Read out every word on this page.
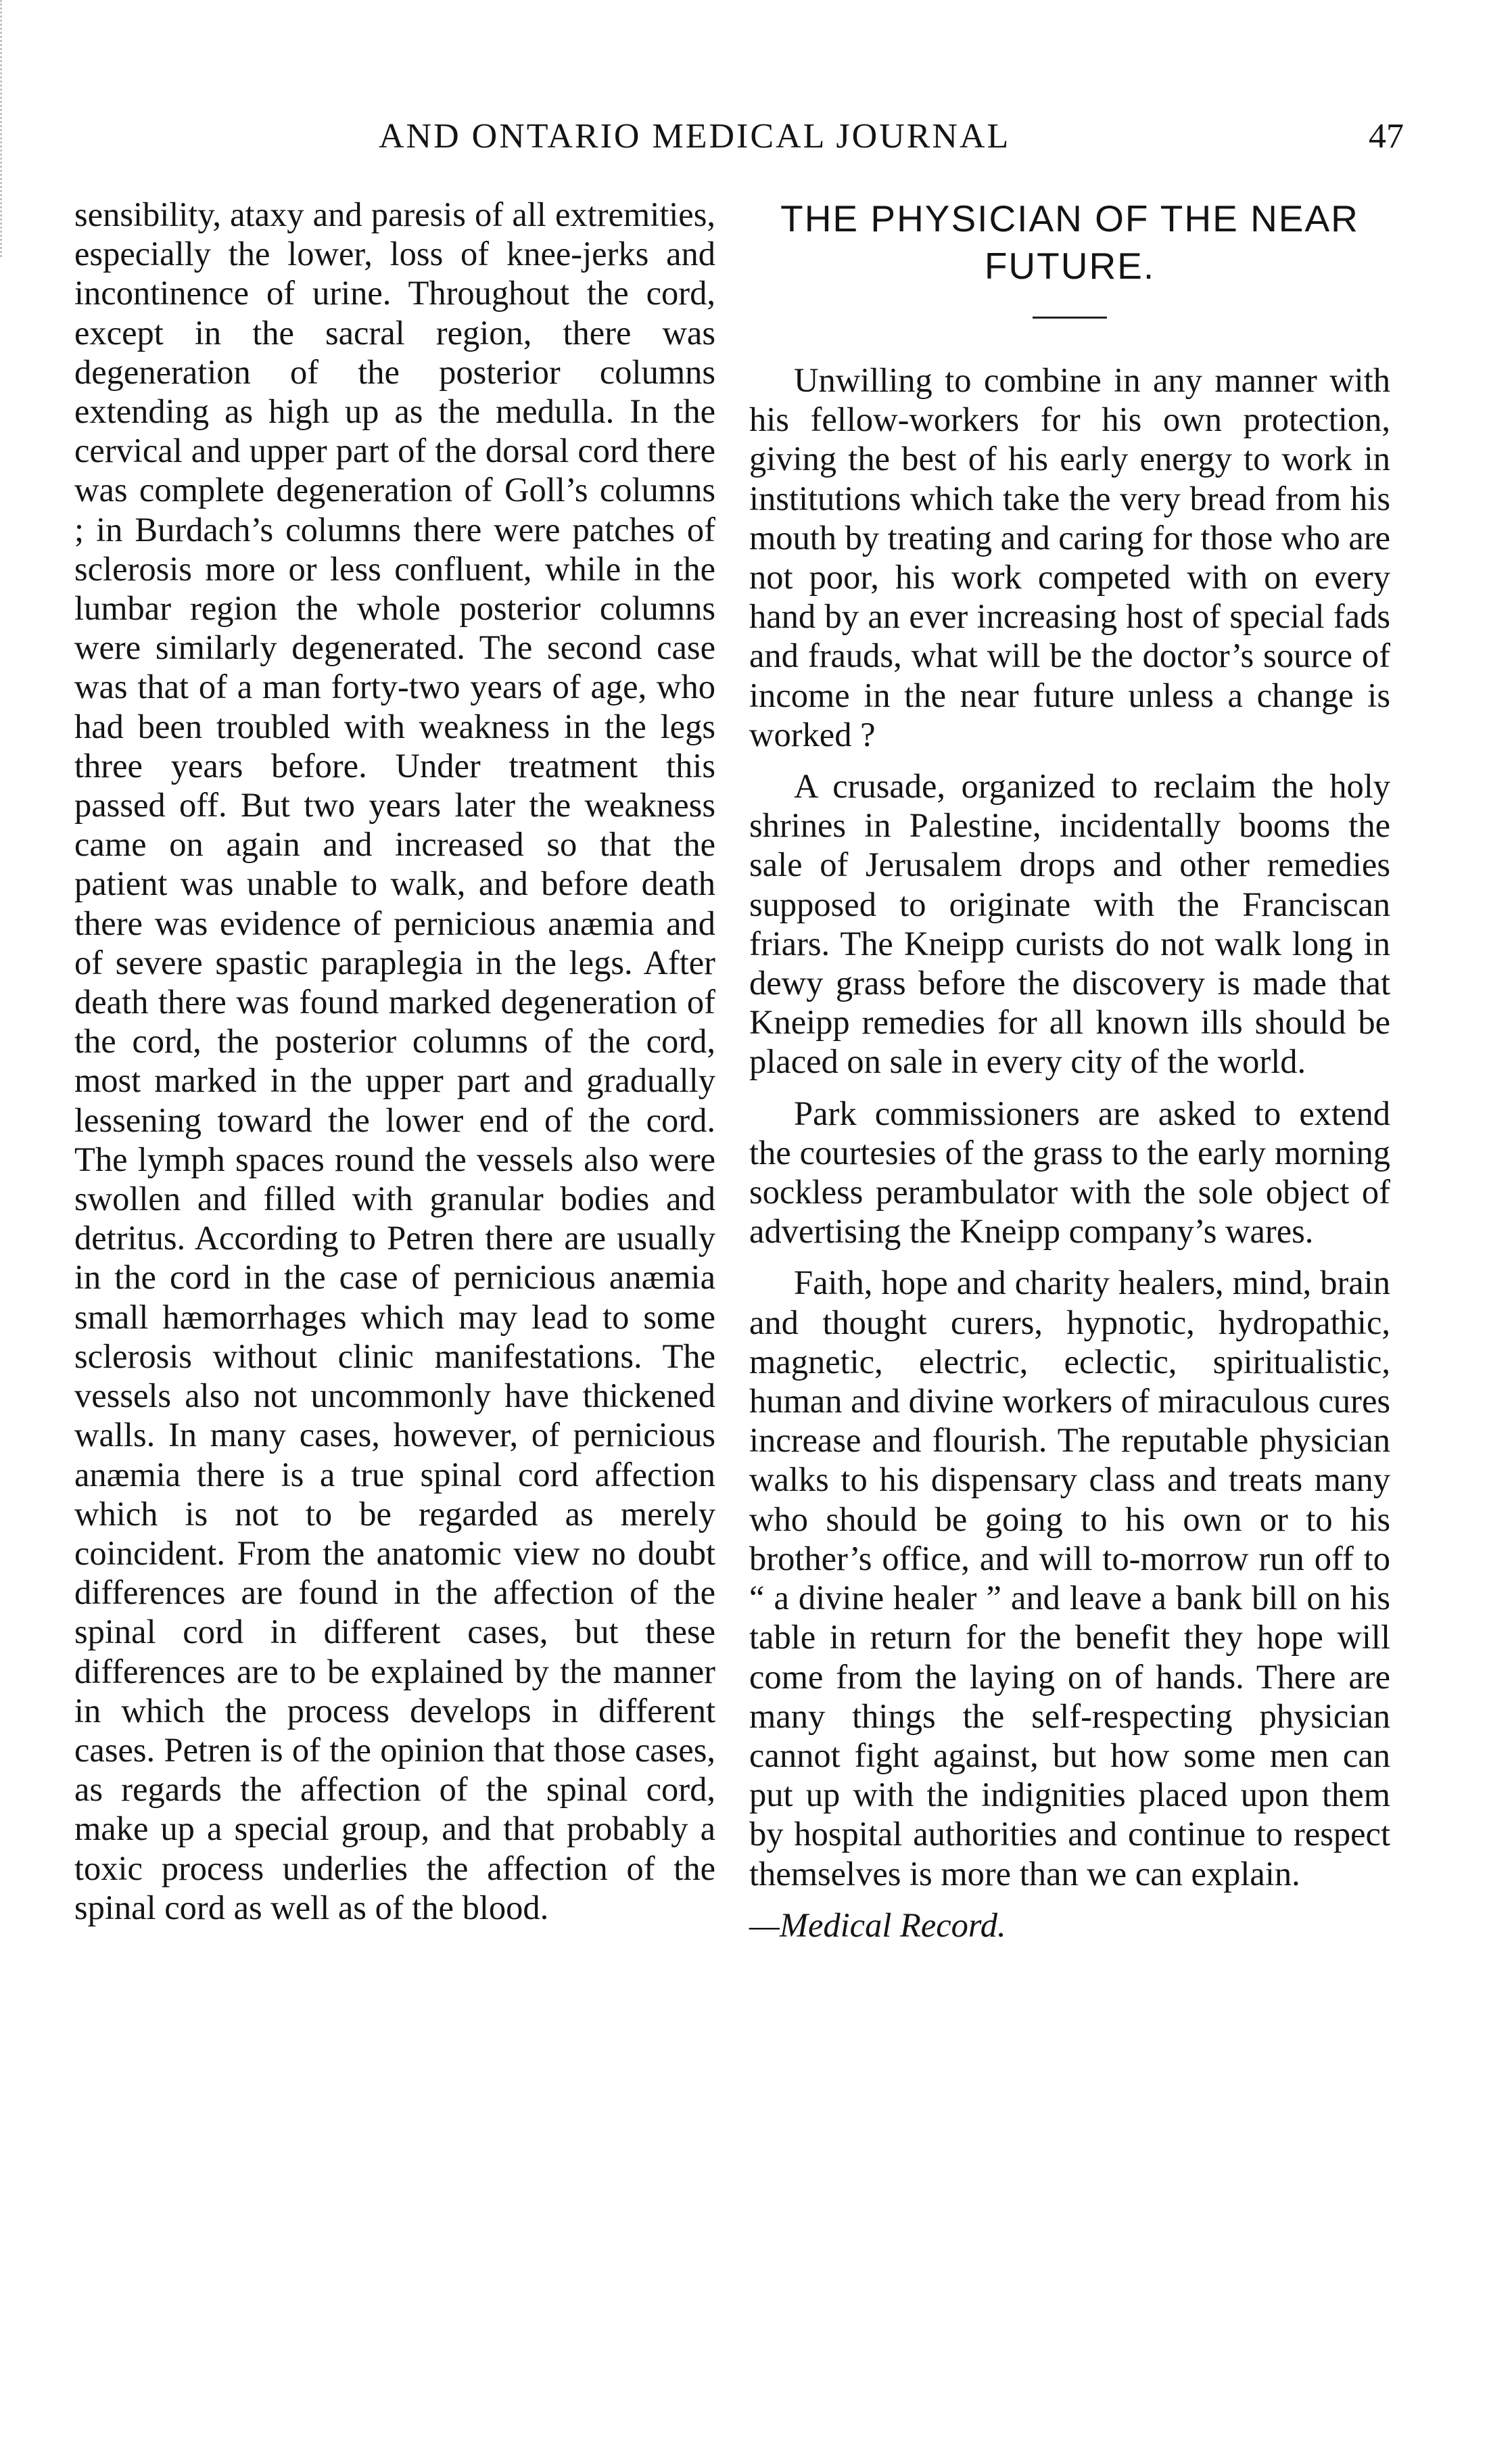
AND ONTARIO MEDICAL JOURNAL	47

sensibility, ataxy and paresis of all extremities, especially the lower, loss of knee-jerks and incontinence of urine. Throughout the cord, except in the sacral region, there was degeneration of the posterior columns extending as high up as the medulla. In the cervical and upper part of the dorsal cord there was complete degeneration of Goll’s columns ; in Burdach’s columns there were patches of sclerosis more or less confluent, while in the lumbar region the whole posterior columns were similarly degenerated. The second case was that of a man forty-two years of age, who had been troubled with weakness in the legs three years before. Under treatment this passed off. But two years later the weakness came on again and increased so that the patient was unable to walk, and before death there was evidence of pernicious anæmia and of severe spastic paraplegia in the legs. After death there was found marked degeneration of the cord, the posterior columns of the cord, most marked in the upper part and gradually lessening toward the lower end of the cord. The lymph spaces round the vessels also were swollen and filled with granular bodies and detritus. According to Petren there are usually in the cord in the case of pernicious anæmia small hæmorrhages which may lead to some sclerosis without clinic manifestations. The vessels also not uncommonly have thickened walls. In many cases, however, of pernicious anæmia there is a true spinal cord affection which is not to be regarded as merely coincident. From the anatomic view no doubt differences are found in the affection of the spinal cord in different cases, but these differences are to be explained by the manner in which the process develops in different cases. Petren is of the opinion that those cases, as regards the affection of the spinal cord, make up a special group, and that probably a toxic process underlies the affection of the spinal cord as well as of the blood.

THE PHYSICIAN OF THE NEAR FUTURE.

Unwilling to combine in any manner with his fellow-workers for his own protection, giving the best of his early energy to work in institutions which take the very bread from his mouth by treating and caring for those who are not poor, his work competed with on every hand by an ever increasing host of special fads and frauds, what will be the doctor’s source of income in the near future unless a change is worked ?

A crusade, organized to reclaim the holy shrines in Palestine, incidentally booms the sale of Jerusalem drops and other remedies supposed to originate with the Franciscan friars. The Kneipp curists do not walk long in dewy grass before the discovery is made that Kneipp remedies for all known ills should be placed on sale in every city of the world.

Park commissioners are asked to extend the courtesies of the grass to the early morning sockless perambulator with the sole object of advertising the Kneipp company’s wares.

Faith, hope and charity healers, mind, brain and thought curers, hypnotic, hydropathic, magnetic, electric, eclectic, spiritualistic, human and divine workers of miraculous cures increase and flourish. The reputable physician walks to his dispensary class and treats many who should be going to his own or to his brother’s office, and will to-morrow run off to “ a divine healer ” and leave a bank bill on his table in return for the benefit they hope will come from the laying on of hands. There are many things the self-respecting physician cannot fight against, but how some men can put up with the indignities placed upon them by hospital authorities and continue to respect themselves is more than we can explain.

—Medical Record.
